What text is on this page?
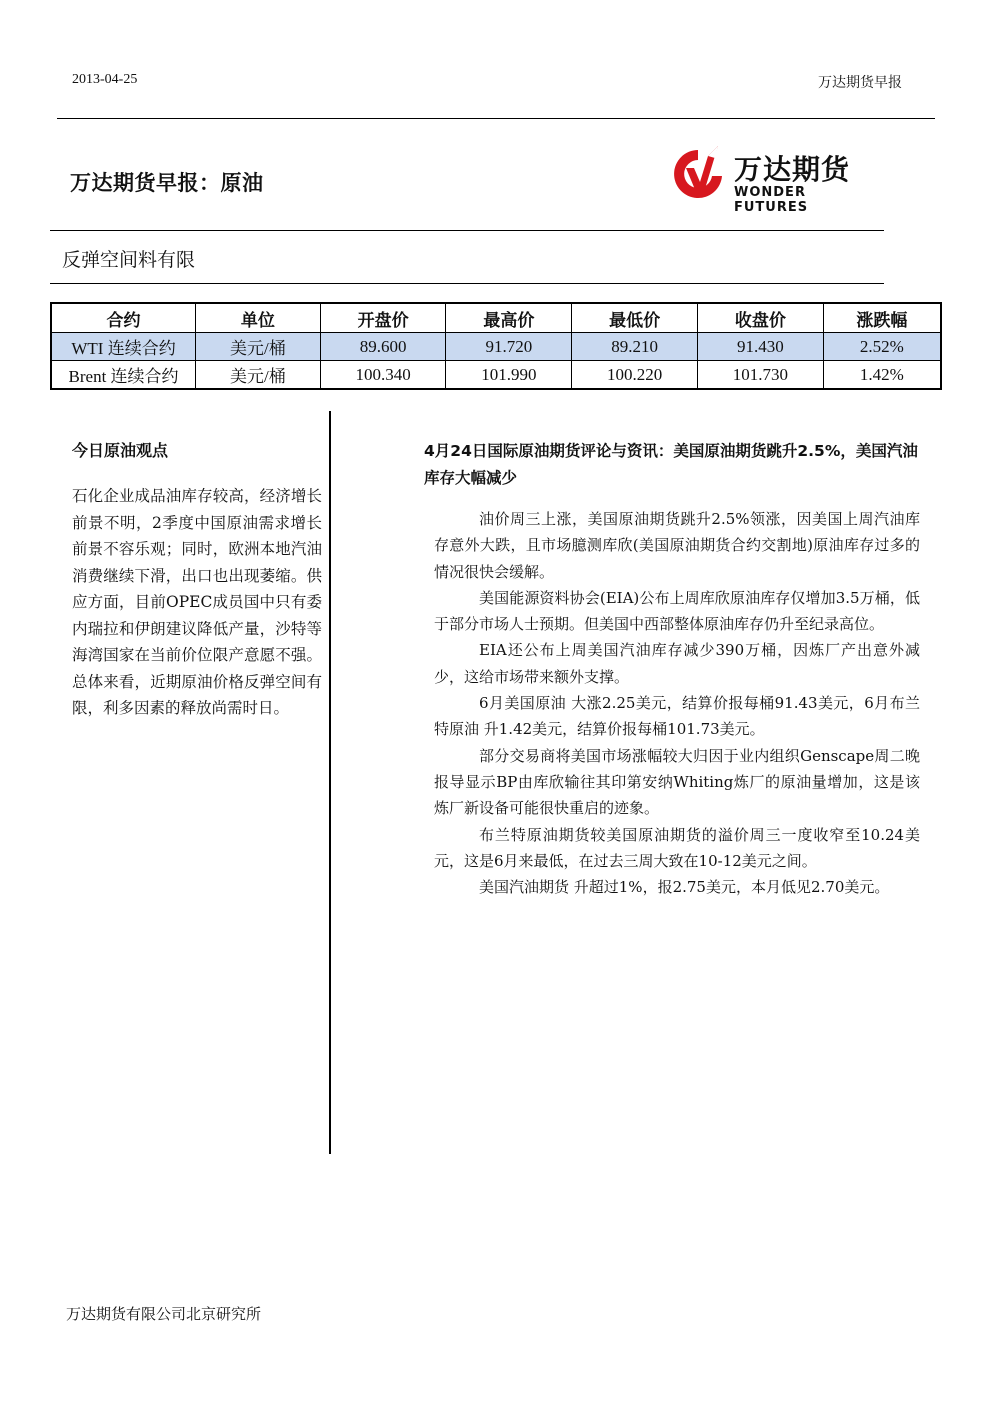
2013-04-25	万达期货早报
万达期货早报：原油	万达期货
WONDER FUTURES
反弹空间料有限
合约	单位	开盘价	最高价	最低价	收盘价	涨跌幅
WTI 连续合约	美元/桶	89.600	91.720	89.210	91.430	2.52%
Brent 连续合约	美元/桶	100.340	101.990	100.220	101.730	1.42%
今日原油观点
石化企业成品油库存较高，经济增长前景不明，2季度中国原油需求增长前景不容乐观；同时，欧洲本地汽油消费继续下滑，出口也出现萎缩。供应方面，目前OPEC成员国中只有委内瑞拉和伊朗建议降低产量，沙特等海湾国家在当前价位限产意愿不强。总体来看，近期原油价格反弹空间有限，利多因素的释放尚需时日。
4月24日国际原油期货评论与资讯：美国原油期货跳升2.5%，美国汽油库存大幅减少

油价周三上涨，美国原油期货跳升2.5%领涨，因美国上周汽油库存意外大跌，且市场臆测库欣(美国原油期货合约交割地)原油库存过多的情况很快会缓解。

美国能源资料协会(EIA)公布上周库欣原油库存仅增加3.5万桶，低于部分市场人士预期。但美国中西部整体原油库存仍升至纪录高位。

EIA还公布上周美国汽油库存减少390万桶，因炼厂产出意外减少，这给市场带来额外支撑。

6月美国原油 大涨2.25美元，结算价报每桶91.43美元，6月布兰特原油 升1.42美元，结算价报每桶101.73美元。

部分交易商将美国市场涨幅较大归因于业内组织Genscape周二晚报导显示BP由库欣输往其印第安纳Whiting炼厂的原油量增加，这是该炼厂新设备可能很快重启的迹象。

布兰特原油期货较美国原油期货的溢价周三一度收窄至10.24美元，这是6月来最低，在过去三周大致在10-12美元之间。

美国汽油期货 升超过1%，报2.75美元，本月低见2.70美元。

万达期货有限公司北京研究所
